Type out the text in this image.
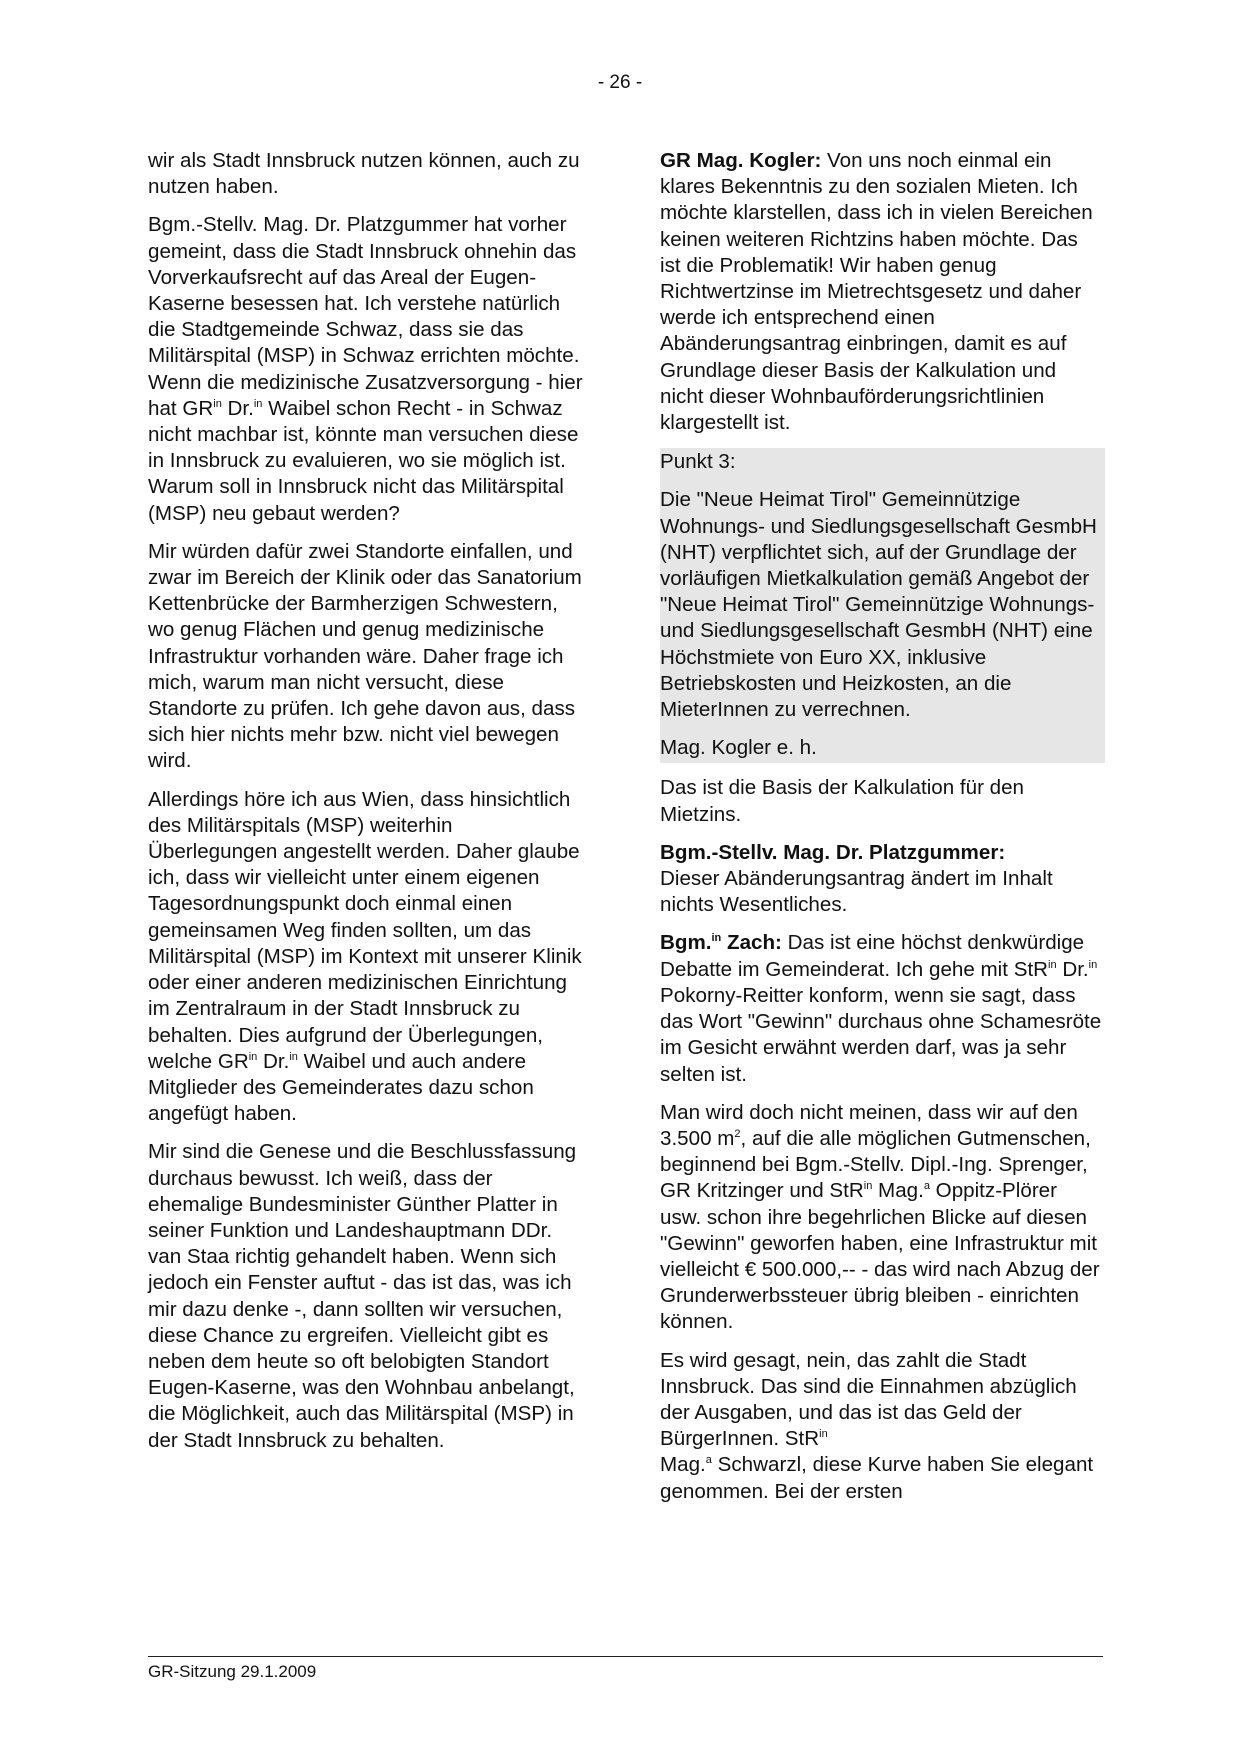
- 26 -

wir als Stadt Innsbruck nutzen können, auch zu nutzen haben.

Bgm.-Stellv. Mag. Dr. Platzgummer hat vorher gemeint, dass die Stadt Innsbruck ohnehin das Vorverkaufsrecht auf das Areal der Eugen-Kaserne besessen hat. Ich verstehe natürlich die Stadtgemeinde Schwaz, dass sie das Militärspital (MSP) in Schwaz errichten möchte. Wenn die medizinische Zusatzversorgung - hier hat $GR^{in}$ Dr.$^{in}$ Waibel schon Recht - in Schwaz nicht machbar ist, könnte man versuchen diese in Innsbruck zu evaluieren, wo sie möglich ist. Warum soll in Innsbruck nicht das Militärspital (MSP) neu gebaut werden?

Mir würden dafür zwei Standorte einfallen, und zwar im Bereich der Klinik oder das Sanatorium Kettenbrücke der Barmherzigen Schwestern, wo genug Flächen und genug medizinische Infrastruktur vorhanden wäre. Daher frage ich mich, warum man nicht versucht, diese Standorte zu prüfen. Ich gehe davon aus, dass sich hier nichts mehr bzw. nicht viel bewegen wird.

Allerdings höre ich aus Wien, dass hinsichtlich des Militärspitals (MSP) weiterhin Überlegungen angestellt werden. Daher glaube ich, dass wir vielleicht unter einem eigenen Tagesordnungspunkt doch einmal einen gemeinsamen Weg finden sollten, um das Militärspital (MSP) im Kontext mit unserer Klinik oder einer anderen medizinischen Einrichtung im Zentralraum in der Stadt Innsbruck zu behalten. Dies aufgrund der Überlegungen, welche $GR^{in}$ Dr.$^{in}$ Waibel und auch andere Mitglieder des Gemeinderates dazu schon angefügt haben.

Mir sind die Genese und die Beschlussfassung durchaus bewusst. Ich weiß, dass der ehemalige Bundesminister Günther Platter in seiner Funktion und Landeshauptmann DDr. van Staa richtig gehandelt haben. Wenn sich jedoch ein Fenster auftut - das ist das, was ich mir dazu denke -, dann sollten wir versuchen, diese Chance zu ergreifen. Vielleicht gibt es neben dem heute so oft belobigten Standort Eugen-Kaserne, was den Wohnbau anbelangt, die Möglichkeit, auch das Militärspital (MSP) in der Stadt Innsbruck zu behalten.

GR Mag. Kogler: Von uns noch einmal ein klares Bekenntnis zu den sozialen Mieten. Ich möchte klarstellen, dass ich in vielen Bereichen keinen weiteren Richtzins haben möchte. Das ist die Problematik! Wir haben genug Richtwertzinse im Mietrechtsgesetz und daher werde ich entsprechend einen Abänderungsantrag einbringen, damit es auf Grundlage dieser Basis der Kalkulation und nicht dieser Wohnbauförderungsrichtlinien klargestellt ist.

Punkt 3:

Die "Neue Heimat Tirol" Gemeinnützige Wohnungs- und Siedlungsgesellschaft GesmbH (NHT) verpflichtet sich, auf der Grundlage der vorläufigen Mietkalkulation gemäß Angebot der "Neue Heimat Tirol" Gemeinnützige Wohnungs- und Siedlungsgesellschaft GesmbH (NHT) eine Höchstmiete von Euro XX, inklusive Betriebskosten und Heizkosten, an die MieterInnen zu verrechnen.

Mag. Kogler e. h.

Das ist die Basis der Kalkulation für den Mietzins.

Bgm.-Stellv. Mag. Dr. Platzgummer:
Dieser Abänderungsantrag ändert im Inhalt nichts Wesentliches.

Bgm.$^{in}$ Zach: Das ist eine höchst denkwürdige Debatte im Gemeinderat. Ich gehe mit StR$^{in}$ Dr.$^{in}$ Pokorny-Reitter konform, wenn sie sagt, dass das Wort "Gewinn" durchaus ohne Schamesröte im Gesicht erwähnt werden darf, was ja sehr selten ist.

Man wird doch nicht meinen, dass wir auf den 3.500 $m^2$, auf die alle möglichen Gutmenschen, beginnend bei Bgm.-Stellv. Dipl.-Ing. Sprenger, GR Kritzinger und StR$^{in}$ Mag.$^a$ Oppitz-Plörer usw. schon ihre begehrlichen Blicke auf diesen "Gewinn" geworfen haben, eine Infrastruktur mit vielleicht € 500.000,-- - das wird nach Abzug der Grunderwerbssteuer übrig bleiben - einrichten können.

Es wird gesagt, nein, das zahlt die Stadt Innsbruck. Das sind die Einnahmen abzüglich der Ausgaben, und das ist das Geld der BürgerInnen. StR$^{in}$
Mag.$^a$ Schwarzl, diese Kurve haben Sie elegant genommen. Bei der ersten

GR-Sitzung 29.1.2009
